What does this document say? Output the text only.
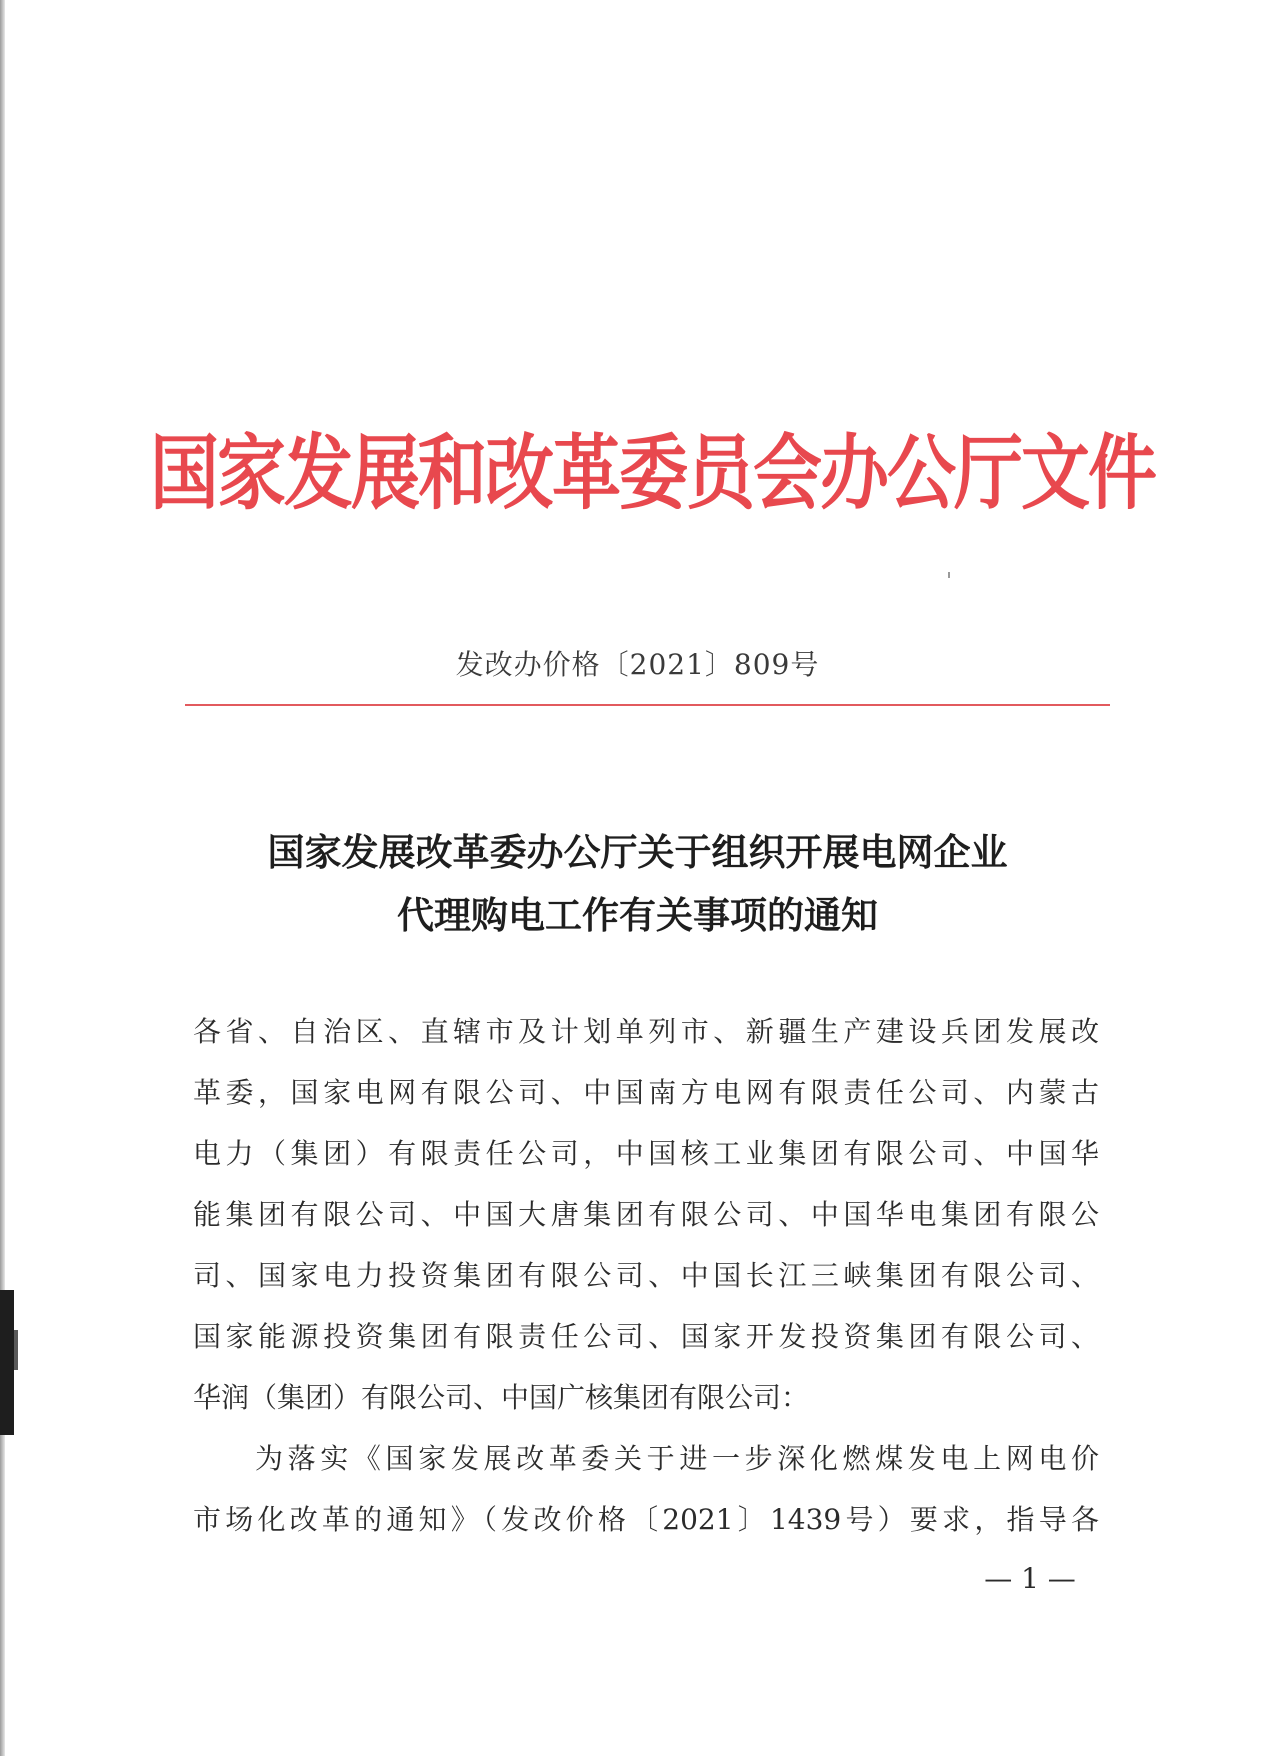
国家发展和改革委员会办公厅文件
发改办价格〔2021〕809号
国家发展改革委办公厅关于组织开展电网企业
代理购电工作有关事项的通知
各省、自治区、直辖市及计划单列市、新疆生产建设兵团发展改
革委，国家电网有限公司、中国南方电网有限责任公司、内蒙古
电力（集团）有限责任公司，中国核工业集团有限公司、中国华
能集团有限公司、中国大唐集团有限公司、中国华电集团有限公
司、国家电力投资集团有限公司、中国长江三峡集团有限公司、
国家能源投资集团有限责任公司、国家开发投资集团有限公司、
华润（集团）有限公司、中国广核集团有限公司：
为落实《国家发展改革委关于进一步深化燃煤发电上网电价
市场化改革的通知》（发改价格〔2021〕1439号）要求，指导各
— 1 —
